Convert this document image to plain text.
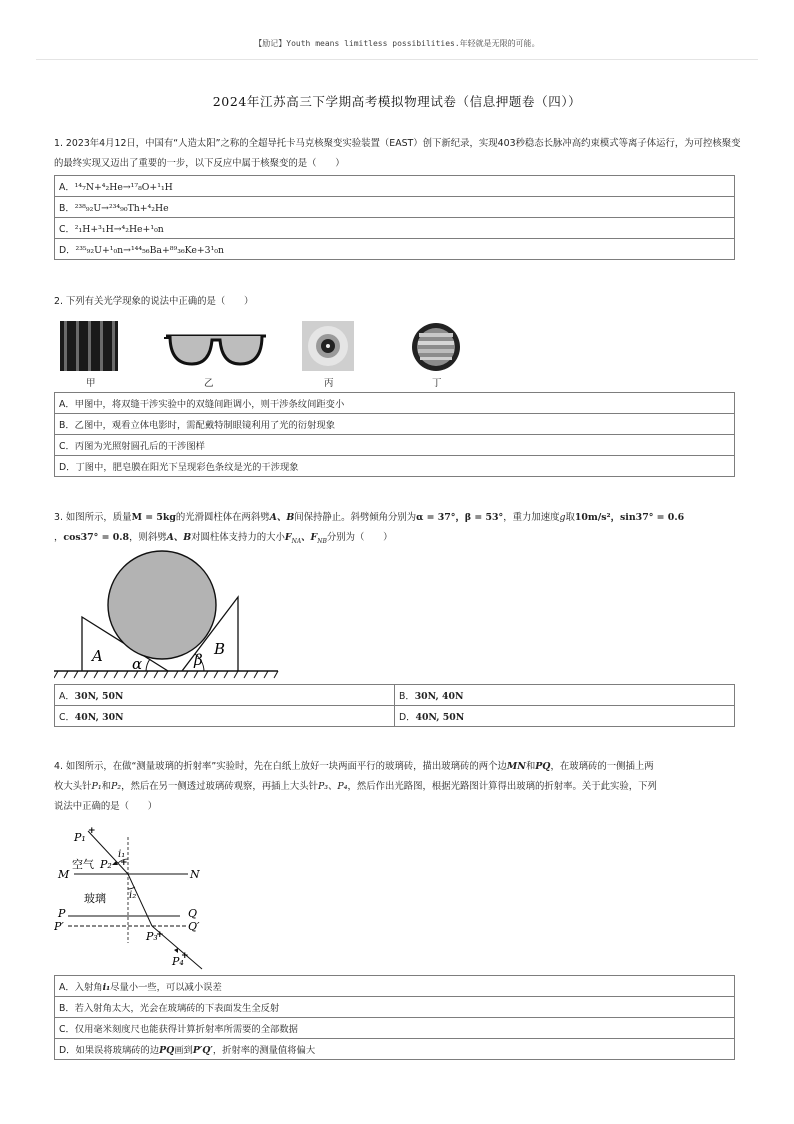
【励记】Youth means limitless possibilities.年轻就是无限的可能。
2024年江苏高三下学期高考模拟物理试卷（信息押题卷（四））
1. 2023年4月12日，中国有“人造太阳”之称的全超导托卡马克核聚变实验装置（EAST）创下新纪录，实现403秒稳态长脉冲高约束模式等离子体运行，为可控核聚变的最终实现又迈出了重要的一步，以下反应中属于核聚变的是（　　）
A．¹⁴₇N+⁴₂He→¹⁷₈O+¹₁H
B．²³⁸₉₂U→²³⁴₉₀Th+⁴₂He
C．²₁H+³₁H→⁴₂He+¹₀n
D．²³⁵₉₂U+¹₀n→¹⁴⁴₅₆Ba+⁸⁹₃₆Ke+3¹₀n
2. 下列有关光学现象的说法中正确的是（　　）
甲	乙	丙	丁
A．甲图中，将双缝干涉实验中的双缝间距调小，则干涉条纹间距变小
B．乙图中，观看立体电影时，需配戴特制眼镜利用了光的衍射现象
C．丙图为光照射圆孔后的干涉图样
D．丁图中，肥皂膜在阳光下呈现彩色条纹是光的干涉现象
3. 如图所示，质量M = 5kg的光滑圆柱体在两斜劈A、B间保持静止。斜劈倾角分别为α = 37°，β = 53°，重力加速度g取10m/s²，sin37° = 0.6
，cos37° = 0.8，则斜劈A、B对圆柱体支持力的大小$F_{NA}$、$F_{NB}$分别为（　　）
A	B
α	β
A．30N, 50N	B．30N, 40N
C．40N, 30N	D．40N, 50N
4. 如图所示，在做“测量玻璃的折射率”实验时，先在白纸上放好一块两面平行的玻璃砖，描出玻璃砖的两个边MN和PQ，在玻璃砖的一侧插上两
枚大头针P₁和P₂，然后在另一侧透过玻璃砖观察，再插上大头针P₃、P₄，然后作出光路图，根据光路图计算得出玻璃的折射率。关于此实验，下列
说法中正确的是（　　）
+
+
+
+
P₁
P₂
P₃
P₄
i₁
i₂
M	N
P	Q
P′	Q′
空气
玻璃
A．入射角i₁尽量小一些，可以减小误差
B．若入射角太大，光会在玻璃砖的下表面发生全反射
C．仅用毫米刻度尺也能获得计算折射率所需要的全部数据
D．如果误将玻璃砖的边PQ画到P′Q′，折射率的测量值将偏大
